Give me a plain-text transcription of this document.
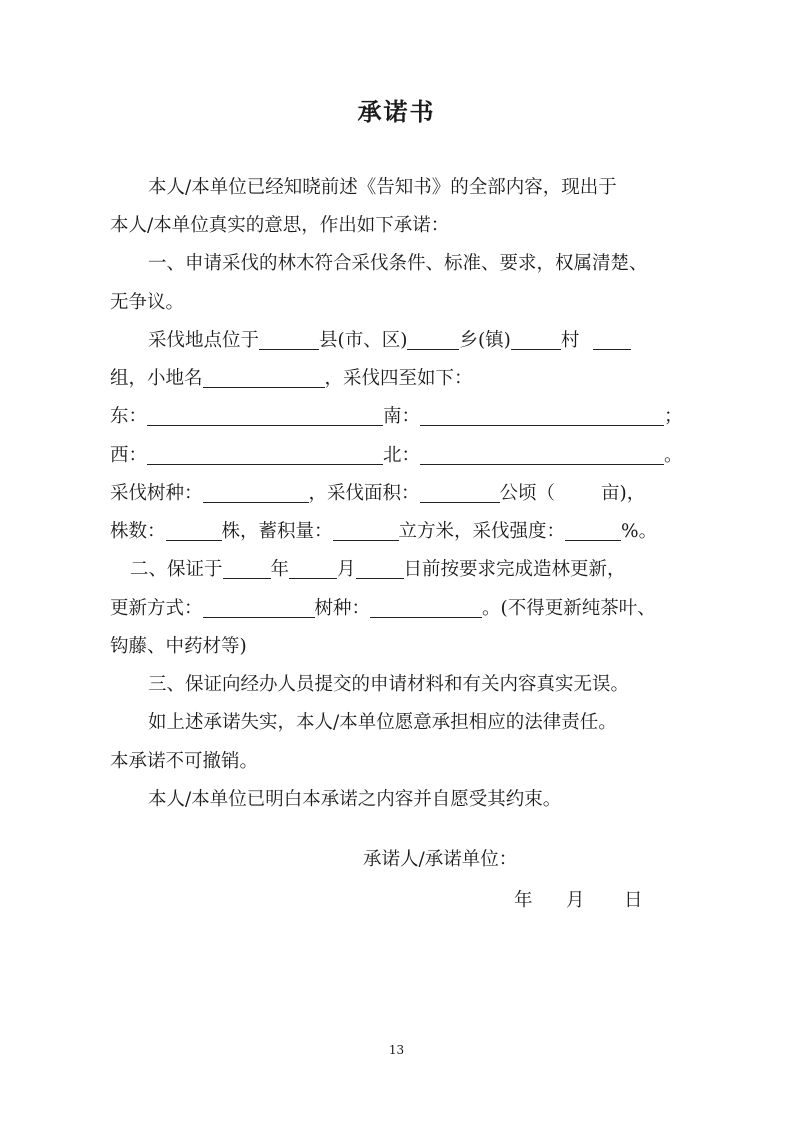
承诺书
本人/本单位已经知晓前述《告知书》的全部内容，现出于
本人/本单位真实的意思，作出如下承诺：
一、申请采伐的林木符合采伐条件、标准、要求，权属清楚、
无争议。
采伐地点位于	县(市、区)	乡(镇)	村
组，小地名	，采伐四至如下：
东：	南：	；
西：	北：	。
采伐树种：	，采伐面积：	公顷（ 亩)，
株数：	株，蓄积量：	立方米，采伐强度：	%。
二、保证于	年	月	日前按要求完成造林更新，
更新方式：	树种：	。(不得更新纯茶叶、
钩藤、中药材等)
三、保证向经办人员提交的申请材料和有关内容真实无误。
如上述承诺失实，本人/本单位愿意承担相应的法律责任。
本承诺不可撤销。
本人/本单位已明白本承诺之内容并自愿受其约束。
承诺人/承诺单位：
年 月 日
13
